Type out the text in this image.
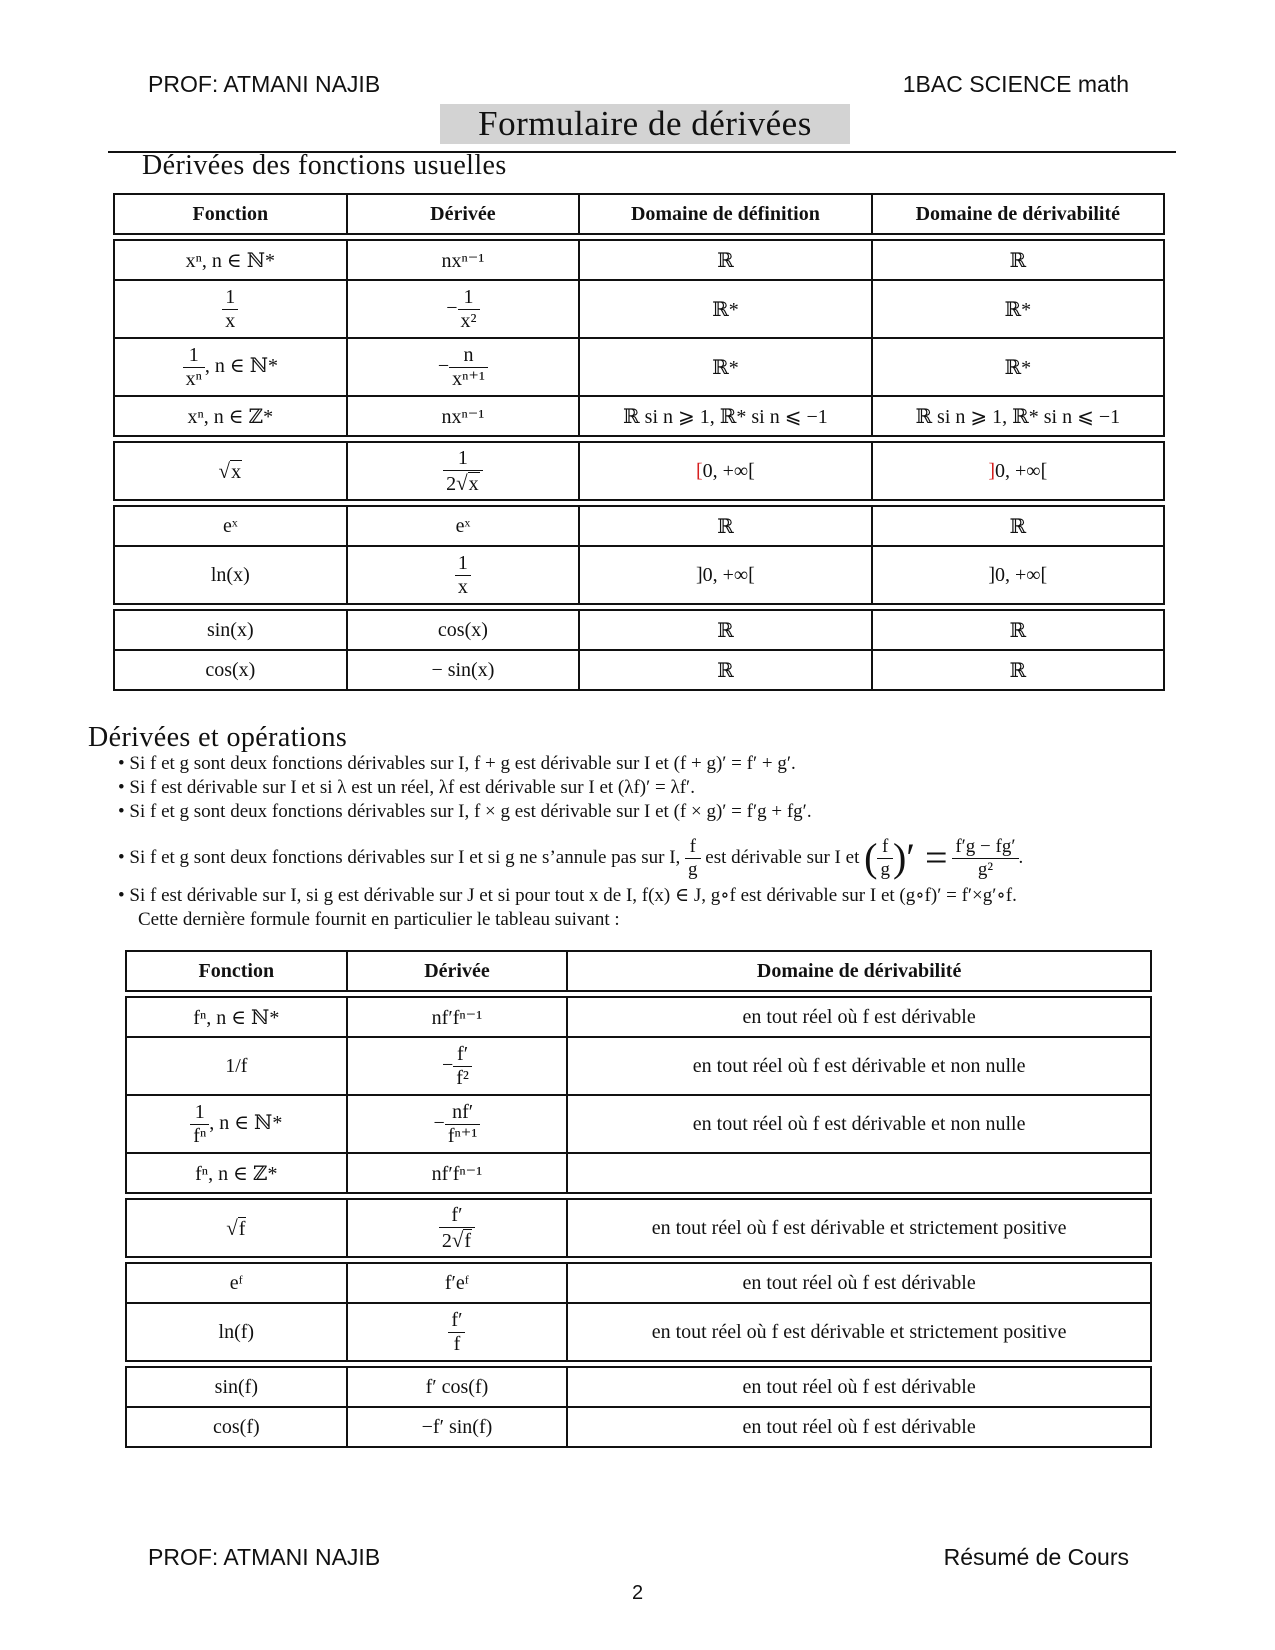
PROF: ATMANI NAJIB	1BAC SCIENCE math
Formulaire de dérivées
Dérivées des fonctions usuelles
Fonction	Dérivée	Domaine de définition	Domaine de dérivabilité

xⁿ, n ∈ ℕ*	nxⁿ⁻¹	ℝ	ℝ

$\frac{1}{x}$	− $\frac{1}{\text{x²}}$	ℝ*	ℝ*

$\frac{1}{\text{xⁿ}}$ , n ∈ ℕ*	− $\frac{n}{\text{xⁿ⁺¹}}$	ℝ*	ℝ*
xⁿ, n ∈ ℤ*	nxⁿ⁻¹	ℝ si n ⩾ 1, ℝ* si n ⩽ −1	ℝ si n ⩾ 1, ℝ* si n ⩽ −1

√x	$\frac{1}{2√x}$	[0, +∞[	]0, +∞[

eˣ	eˣ	ℝ	ℝ
ln(x)	$\frac{1}{x}$	]0, +∞[	]0, +∞[

sin(x)	cos(x)	ℝ	ℝ
cos(x)	− sin(x)	ℝ	ℝ
Dérivées et opérations
• Si f et g sont deux fonctions dérivables sur I, f + g est dérivable sur I et (f + g)′ = f′ + g′.
• Si f est dérivable sur I et si λ est un réel, λf est dérivable sur I et (λf)′ = λf′.
• Si f et g sont deux fonctions dérivables sur I, f × g est dérivable sur I et (f × g)′ = f′g + fg′.
• Si f et g sont deux fonctions dérivables sur I et si g ne s’annule pas sur I,
$\frac{f}{g}$
est dérivable sur I et
( $\frac{f}{g}$ )′ =
$\frac{f'g - fg'}{\text{g²}}$ .
• Si f est dérivable sur I, si g est dérivable sur J et si pour tout x de I, f(x) ∈ J, g∘f est dérivable sur I et (g∘f)′ = f′×g′∘f.
Cette dernière formule fournit en particulier le tableau suivant :
Fonction	Dérivée	Domaine de dérivabilité

fⁿ, n ∈ ℕ*	nf′fⁿ⁻¹	en tout réel où f est dérivable
1/f	− $\frac{f'}{\text{f²}}$	en tout réel où f est dérivable et non nulle

$\frac{1}{\text{fⁿ}}$ , n ∈ ℕ*	− $\frac{nf'}{\text{fⁿ⁺¹}}$	en tout réel où f est dérivable et non nulle
fⁿ, n ∈ ℤ*	nf′fⁿ⁻¹	

√f	$\frac{f'}{2√f}$	en tout réel où f est dérivable et strictement positive

eᶠ	f′eᶠ	en tout réel où f est dérivable
ln(f)	$\frac{f'}{f}$	en tout réel où f est dérivable et strictement positive

sin(f)	f′ cos(f)	en tout réel où f est dérivable
cos(f)	−f′ sin(f)	en tout réel où f est dérivable
PROF: ATMANI NAJIB	Résumé de Cours
2
